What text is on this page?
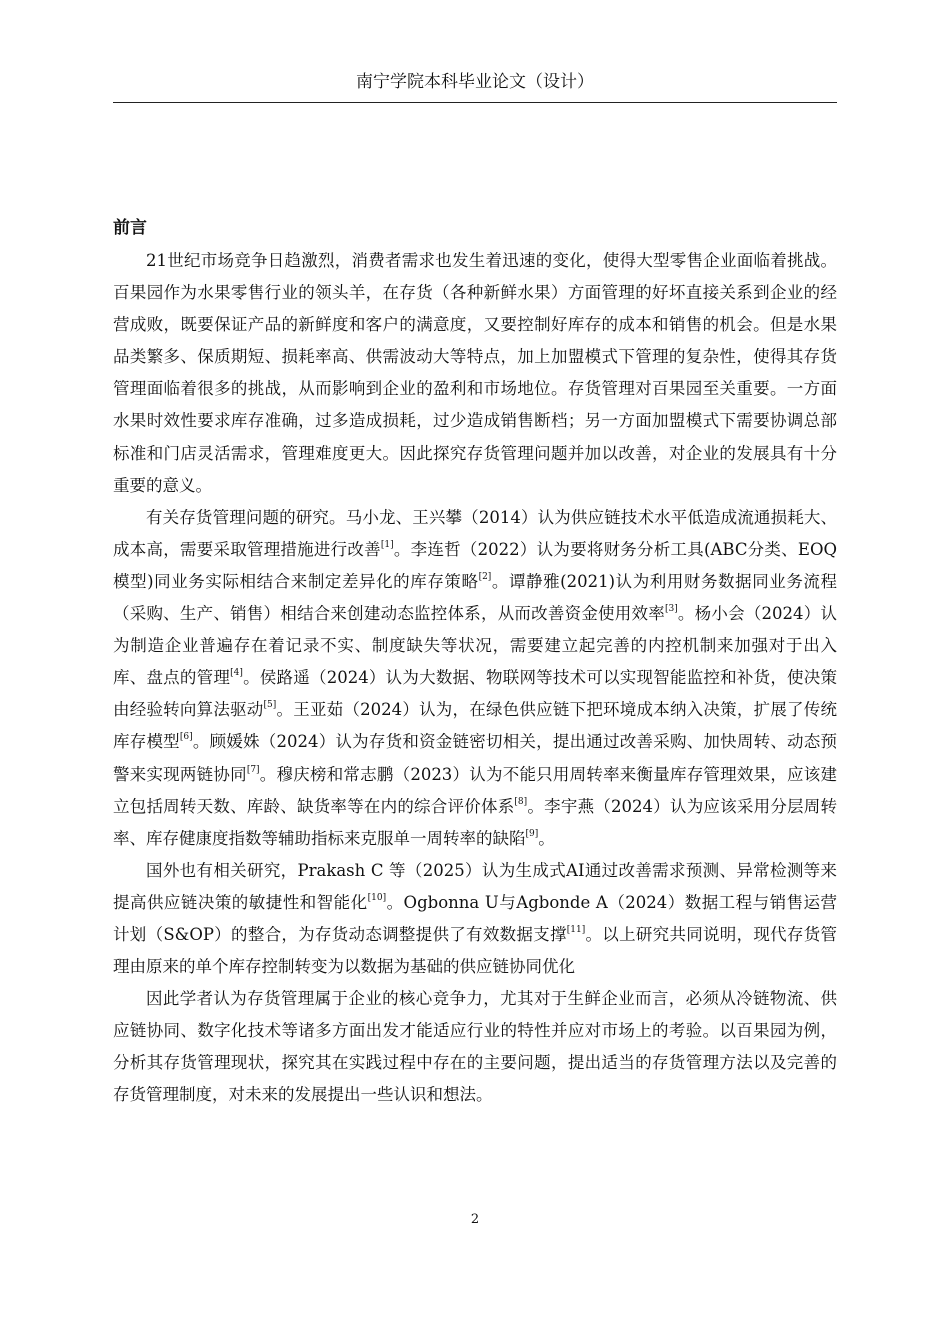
南宁学院本科毕业论文（设计）
前言

21世纪市场竞争日趋激烈，消费者需求也发生着迅速的变化，使得大型零售企业面临着挑战。百果园作为水果零售行业的领头羊，在存货（各种新鲜水果）方面管理的好坏直接关系到企业的经营成败，既要保证产品的新鲜度和客户的满意度，又要控制好库存的成本和销售的机会。但是水果品类繁多、保质期短、损耗率高、供需波动大等特点，加上加盟模式下管理的复杂性，使得其存货管理面临着很多的挑战，从而影响到企业的盈利和市场地位。存货管理对百果园至关重要。一方面水果时效性要求库存准确，过多造成损耗，过少造成销售断档；另一方面加盟模式下需要协调总部标准和门店灵活需求，管理难度更大。因此探究存货管理问题并加以改善，对企业的发展具有十分重要的意义。

有关存货管理问题的研究。马小龙、王兴攀（2014）认为供应链技术水平低造成流通损耗大、成本高，需要采取管理措施进行改善[1]。李连哲（2022）认为要将财务分析工具(ABC分类、EOQ模型)同业务实际相结合来制定差异化的库存策略[2]。谭静雅(2021)认为利用财务数据同业务流程（采购、生产、销售）相结合来创建动态监控体系，从而改善资金使用效率[3]。杨小会（2024）认为制造企业普遍存在着记录不实、制度缺失等状况，需要建立起完善的内控机制来加强对于出入库、盘点的管理[4]。侯路遥（2024）认为大数据、物联网等技术可以实现智能监控和补货，使决策由经验转向算法驱动[5]。王亚茹（2024）认为，在绿色供应链下把环境成本纳入决策，扩展了传统库存模型[6]。顾媛姝（2024）认为存货和资金链密切相关，提出通过改善采购、加快周转、动态预警来实现两链协同[7]。穆庆榜和常志鹏（2023）认为不能只用周转率来衡量库存管理效果，应该建立包括周转天数、库龄、缺货率等在内的综合评价体系[8]。李宇燕（2024）认为应该采用分层周转率、库存健康度指数等辅助指标来克服单一周转率的缺陷[9]。

国外也有相关研究，Prakash C 等（2025）认为生成式AI通过改善需求预测、异常检测等来提高供应链决策的敏捷性和智能化[10]。Ogbonna U与Agbonde A（2024）数据工程与销售运营计划（S&OP）的整合，为存货动态调整提供了有效数据支撑[11]。以上研究共同说明，现代存货管理由原来的单个库存控制转变为以数据为基础的供应链协同优化

因此学者认为存货管理属于企业的核心竞争力，尤其对于生鲜企业而言，必须从冷链物流、供应链协同、数字化技术等诸多方面出发才能适应行业的特性并应对市场上的考验。以百果园为例，分析其存货管理现状，探究其在实践过程中存在的主要问题，提出适当的存货管理方法以及完善的存货管理制度，对未来的发展提出一些认识和想法。

2
